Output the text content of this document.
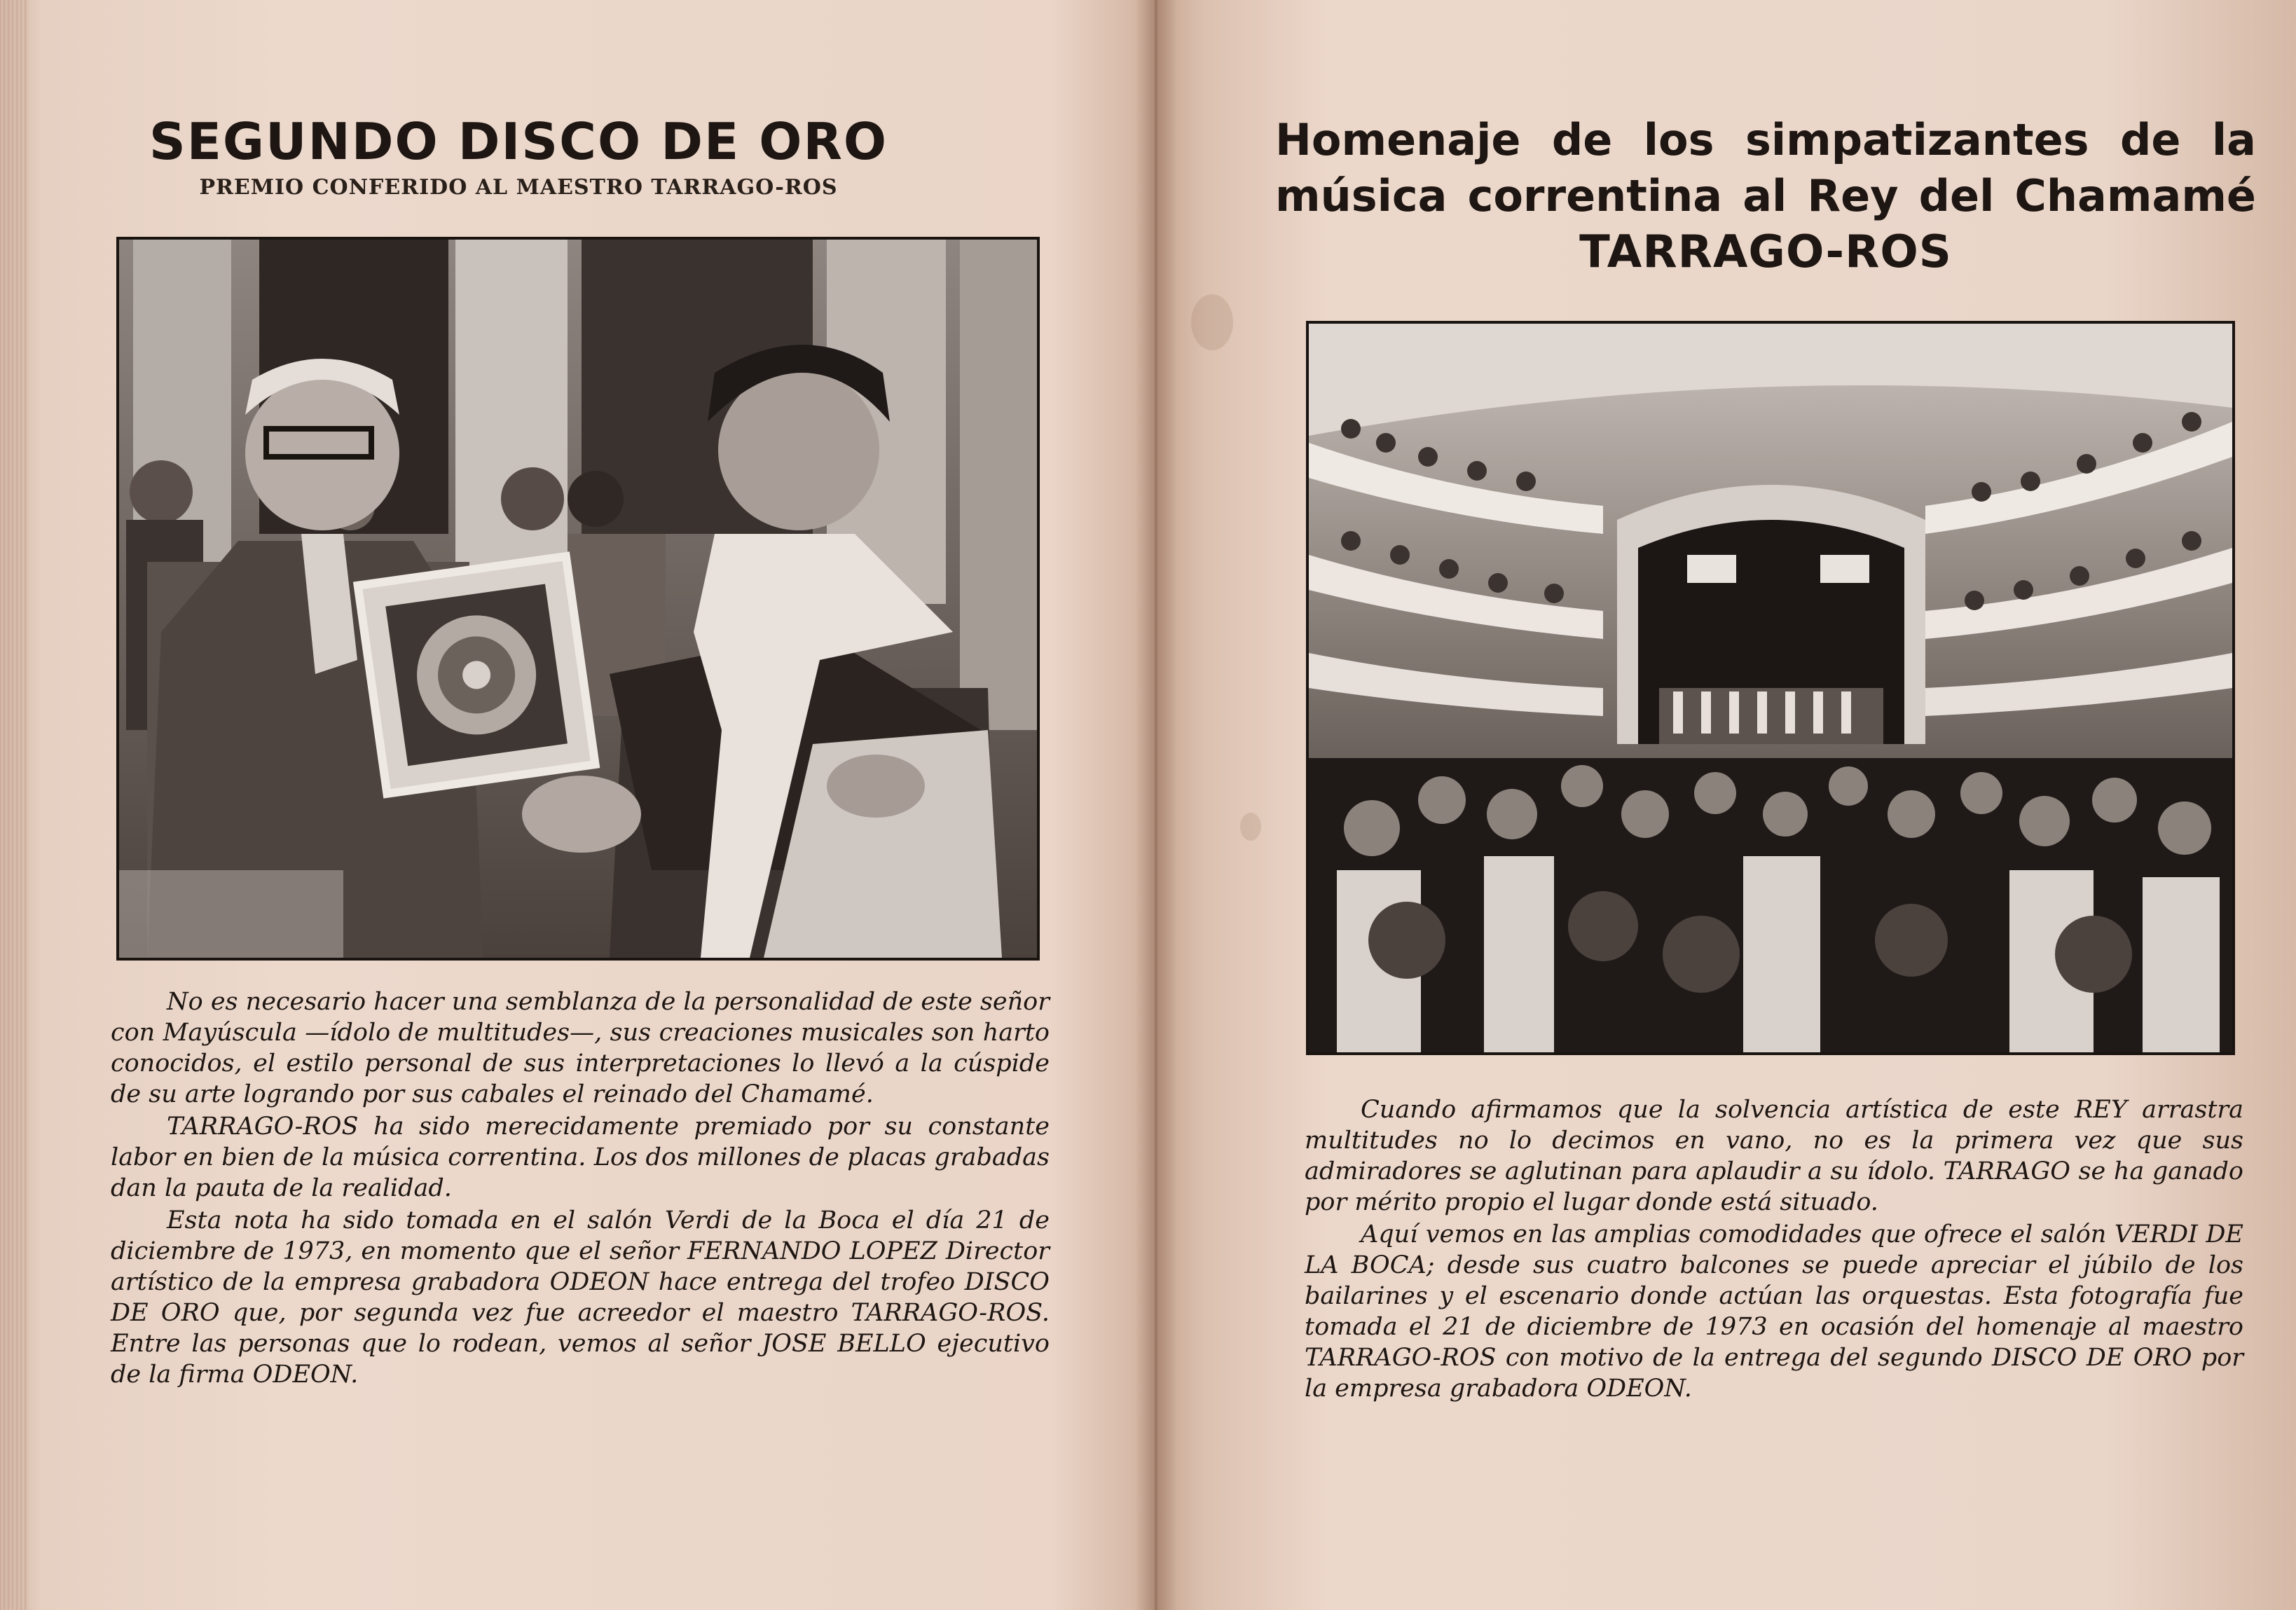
SEGUNDO DISCO DE ORO
PREMIO CONFERIDO AL MAESTRO TARRAGO-ROS

No es necesario hacer una semblanza de la personalidad de este señor con Mayúscula —ídolo de multitudes—, sus creaciones musicales son harto conocidos, el estilo personal de sus interpretaciones lo llevó a la cúspide de su arte logrando por sus cabales el reinado del Chamamé.

TARRAGO-ROS ha sido merecidamente premiado por su constante labor en bien de la música correntina. Los dos millones de placas grabadas dan la pauta de la realidad.

Esta nota ha sido tomada en el salón Verdi de la Boca el día 21 de diciembre de 1973, en momento que el señor FERNANDO LOPEZ Director artístico de la empresa grabadora ODEON hace entrega del trofeo DISCO DE ORO que, por segunda vez fue acreedor el maestro TARRAGO-ROS. Entre las personas que lo rodean, vemos al señor JOSE BELLO ejecutivo de la firma ODEON.

Homenaje de los simpatizantes de la
música correntina al Rey del Chamamé
TARRAGO-ROS

Cuando afirmamos que la solvencia artística de este REY arrastra multitudes no lo decimos en vano, no es la primera vez que sus admiradores se aglutinan para aplaudir a su ídolo. TARRAGO se ha ganado por mérito propio el lugar donde está situado.

Aquí vemos en las amplias comodidades que ofrece el salón VERDI DE LA BOCA; desde sus cuatro balcones se puede apreciar el júbilo de los bailarines y el escenario donde actúan las orquestas. Esta fotografía fue tomada el 21 de diciembre de 1973 en ocasión del homenaje al maestro TARRAGO-ROS con motivo de la entrega del segundo DISCO DE ORO por la empresa grabadora ODEON.
